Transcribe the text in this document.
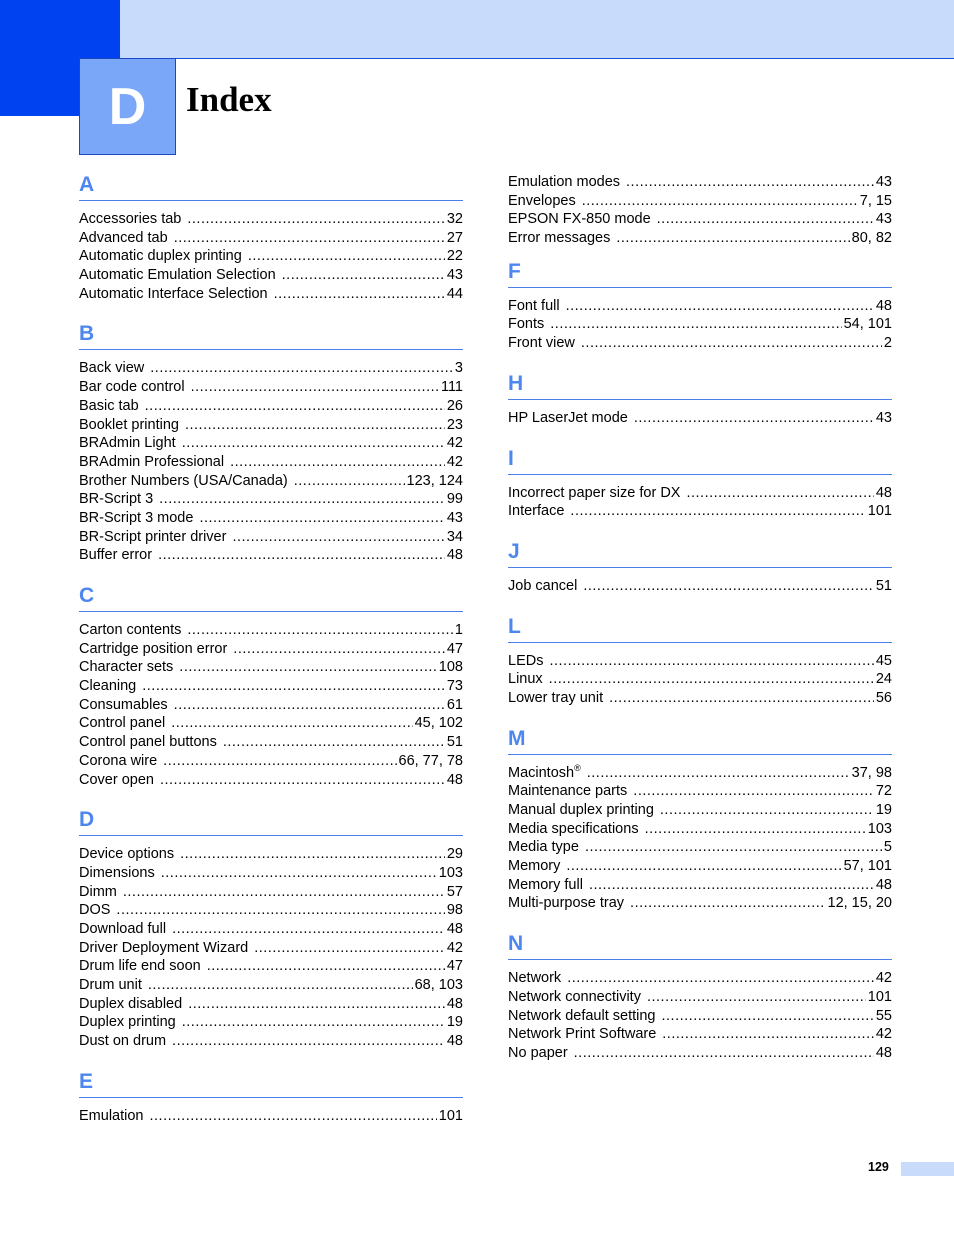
D Index
A
Accessories tab .....	32
Advanced tab .....	27
Automatic duplex printing .....	22
Automatic Emulation Selection .....	43
Automatic Interface Selection .....	44
B
Back view .....	3
Bar code control .....	111
Basic tab .....	26
Booklet printing .....	23
BRAdmin Light .....	42
BRAdmin Professional .....	42
Brother Numbers (USA/Canada) .....	123, 124
BR-Script 3 .....	99
BR-Script 3 mode .....	43
BR-Script printer driver .....	34
Buffer error .....	48
C
Carton contents .....	1
Cartridge position error .....	47
Character sets .....	108
Cleaning .....	73
Consumables .....	61
Control panel .....	45, 102
Control panel buttons .....	51
Corona wire .....	66, 77, 78
Cover open .....	48
D
Device options .....	29
Dimensions .....	103
Dimm .....	57
DOS .....	98
Download full .....	48
Driver Deployment Wizard .....	42
Drum life end soon .....	47
Drum unit .....	68, 103
Duplex disabled .....	48
Duplex printing .....	19
Dust on drum .....	48
E
Emulation .....	101
Emulation modes .....	43
Envelopes .....	7, 15
EPSON FX-850 mode .....	43
Error messages .....	80, 82
F
Font full .....	48
Fonts .....	54, 101
Front view .....	2
H
HP LaserJet mode .....	43
I
Incorrect paper size for DX .....	48
Interface .....	101
J
Job cancel .....	51
L
LEDs .....	45
Linux .....	24
Lower tray unit .....	56
M
Macintosh® .....	37, 98
Maintenance parts .....	72
Manual duplex printing .....	19
Media specifications .....	103
Media type .....	5
Memory .....	57, 101
Memory full .....	48
Multi-purpose tray .....	12, 15, 20
N
Network .....	42
Network connectivity .....	101
Network default setting .....	55
Network Print Software .....	42
No paper .....	48
129
